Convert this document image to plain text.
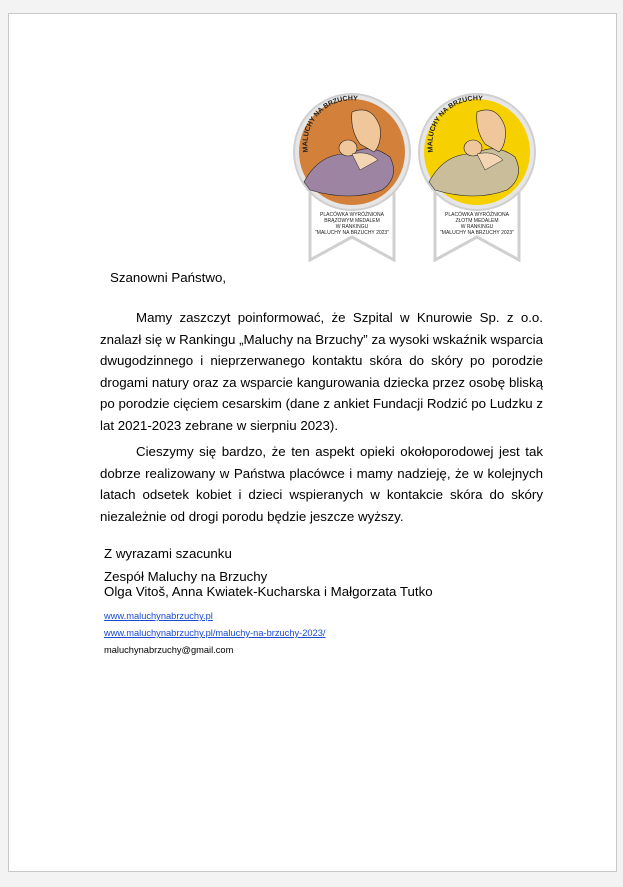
MALUCHY NA BRZUCHY
PLACÓWKA WYRÓŻNIONA
BRĄZOWYM MEDALEM
W RANKINGU
"MALUCHY NA BRZUCHY 2023"
MALUCHY NA BRZUCHY
PLACÓWKA WYRÓŻNIONA
ZŁOTM MEDALEM
W RANKINGU
"MALUCHY NA BRZUCHY 2023"
Szanowni Państwo,
Mamy zaszczyt poinformować, że Szpital w Knurowie Sp. z o.o. znalazł się w Rankingu „Maluchy na Brzuchy” za wysoki wskaźnik wsparcia dwugodzinnego i nieprzerwanego kontaktu skóra do skóry po porodzie drogami natury oraz za wsparcie kangurowania dziecka przez osobę bliską po porodzie cięciem cesarskim (dane z ankiet Fundacji Rodzić po Ludzku z lat 2021-2023 zebrane w sierpniu 2023).
Cieszymy się bardzo, że ten aspekt opieki okołoporodowej jest tak dobrze realizowany w Państwa placówce i mamy nadzieję, że w kolejnych latach odsetek kobiet i dzieci wspieranych w kontakcie skóra do skóry niezależnie od drogi porodu będzie jeszcze wyższy.
Z wyrazami szacunku
Zespół Maluchy na Brzuchy
Olga Vitoš, Anna Kwiatek-Kucharska i Małgorzata Tutko
www.maluchynabrzuchy.pl
www.maluchynabrzuchy.pl/maluchy-na-brzuchy-2023/
maluchynabrzuchy@gmail.com
